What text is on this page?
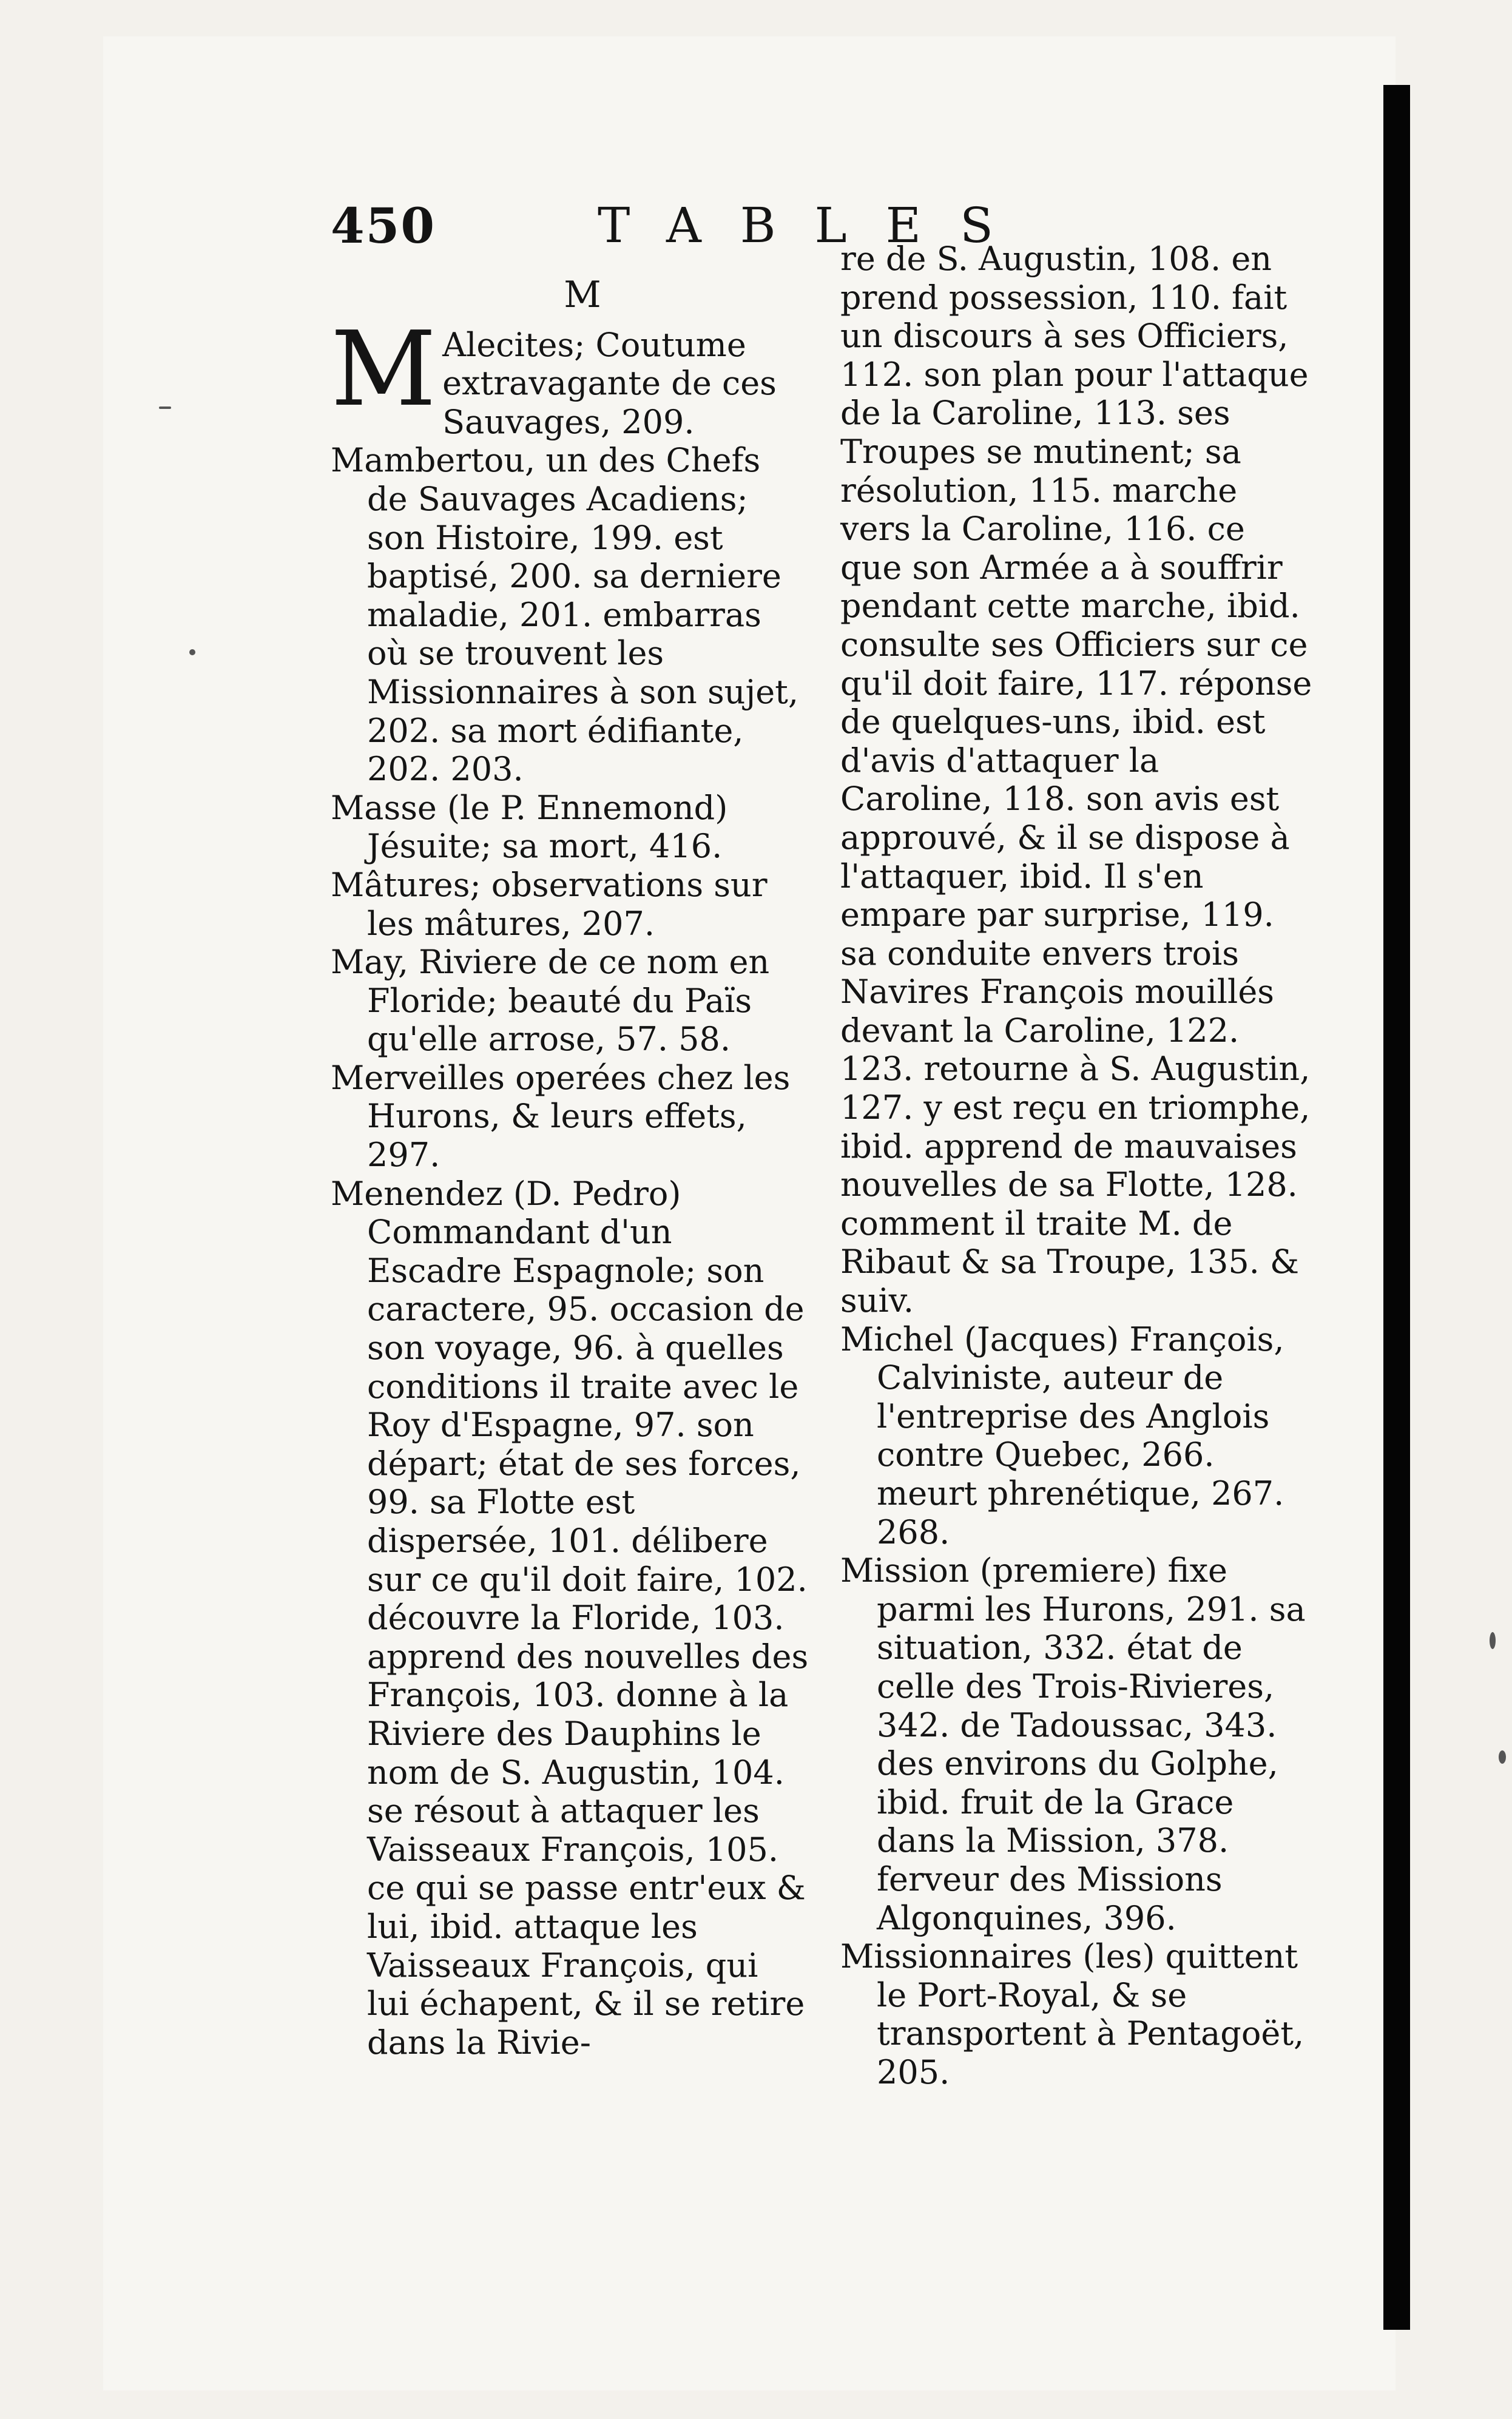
450	TABLES
M

M Alecites; Coutume extravagante de ces Sauvages, 209.

Mambertou, un des Chefs de Sauvages Acadiens; son Histoire, 199. est baptisé, 200. sa derniere maladie, 201. embarras où se trouvent les Missionnaires à son sujet, 202. sa mort édifiante, 202. 203.

Masse (le P. Ennemond) Jésuite; sa mort, 416.

Mâtures; observations sur les mâtures, 207.

May, Riviere de ce nom en Floride; beauté du Païs qu'elle arrose, 57. 58.

Merveilles operées chez les Hurons, & leurs effets, 297.

Menendez (D. Pedro) Commandant d'un Escadre Espagnole; son caractere, 95. occasion de son voyage, 96. à quelles conditions il traite avec le Roy d'Espagne, 97. son départ; état de ses forces, 99. sa Flotte est dispersée, 101. délibere sur ce qu'il doit faire, 102. découvre la Floride, 103. apprend des nouvelles des François, 103. donne à la Riviere des Dauphins le nom de S. Augustin, 104. se résout à attaquer les Vaisseaux François, 105. ce qui se passe entr'eux & lui, ibid. attaque les Vaisseaux François, qui lui échapent, & il se retire dans la Rivie-

re de S. Augustin, 108. en prend possession, 110. fait un discours à ses Officiers, 112. son plan pour l'attaque de la Caroline, 113. ses Troupes se mutinent; sa résolution, 115. marche vers la Caroline, 116. ce que son Armée a à souffrir pendant cette marche, ibid. consulte ses Officiers sur ce qu'il doit faire, 117. réponse de quelques-uns, ibid. est d'avis d'attaquer la Caroline, 118. son avis est approuvé, & il se dispose à l'attaquer, ibid. Il s'en empare par surprise, 119. sa conduite envers trois Navires François mouillés devant la Caroline, 122. 123. retourne à S. Augustin, 127. y est reçu en triomphe, ibid. apprend de mauvaises nouvelles de sa Flotte, 128. comment il traite M. de Ribaut & sa Troupe, 135. & suiv.

Michel (Jacques) François, Calviniste, auteur de l'entreprise des Anglois contre Quebec, 266. meurt phrenétique, 267. 268.

Mission (premiere) fixe parmi les Hurons, 291. sa situation, 332. état de celle des Trois-Rivieres, 342. de Tadoussac, 343. des environs du Golphe, ibid. fruit de la Grace dans la Mission, 378. ferveur des Missions Algonquines, 396.

Missionnaires (les) quittent le Port-Royal, & se transportent à Pentagoët, 205.
